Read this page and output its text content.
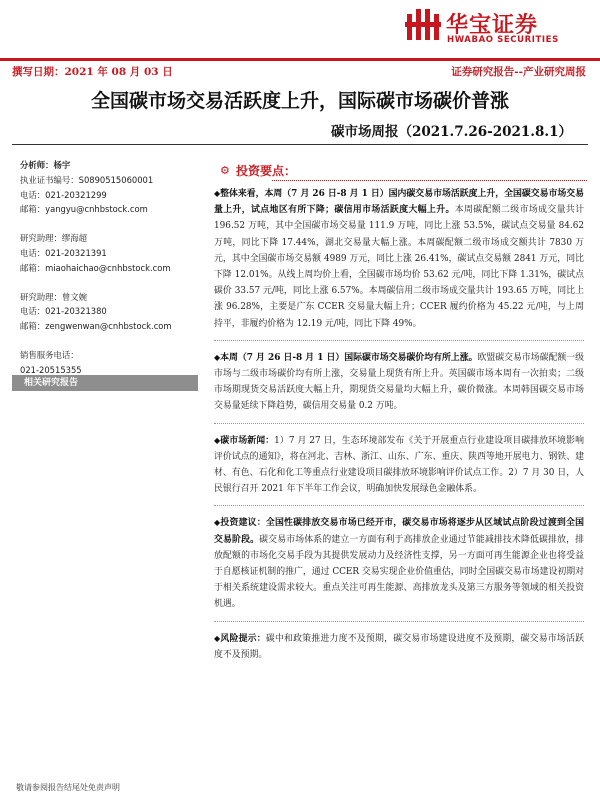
华宝证券
HWABAO SECURITIES
撰写日期：2021 年 08 月 03 日	证券研究报告--产业研究周报
全国碳市场交易活跃度上升，国际碳市场碳价普涨
碳市场周报（2021.7.26-2021.8.1）
分析师：杨宇
执业证书编号：S0890515060001
电话：021-20321299
邮箱：yangyu@cnhbstock.com
研究助理：缪海超
电话：021-20321391
邮箱：miaohaichao@cnhbstock.com
研究助理：曾文婉
电话：021-20321380
邮箱：zengwenwan@cnhbstock.com
销售服务电话：
021-20515355
相关研究报告
⚙ 投资要点：
◆整体来看，本周（7 月 26 日-8 月 1 日）国内碳交易市场活跃度上升，全国碳交易市场交易量上升，试点地区有所下降；碳信用市场活跃度大幅上升。本周碳配额二级市场成交量共计 196.52 万吨，其中全国碳市场交易量 111.9 万吨，同比上涨 53.5%，碳试点交易量 84.62 万吨，同比下降 17.44%，湖北交易量大幅上涨。本周碳配额二级市场成交额共计 7830 万元，其中全国碳市场交易额 4989 万元，同比上涨 26.41%，碳试点交易额 2841 万元，同比下降 12.01%。从线上周均价上看，全国碳市场均价 53.62 元/吨，同比下降 1.31%，碳试点碳价 33.57 元/吨，同比上涨 6.57%。本周碳信用二级市场成交量共计 193.65 万吨，同比上涨 96.28%，主要是广东 CCER 交易量大幅上升；CCER 履约价格为 45.22 元/吨，与上周持平，非履约价格为 12.19 元/吨，同比下降 49%。
◆本周（7 月 26 日-8 月 1 日）国际碳市场交易碳价均有所上涨。欧盟碳交易市场碳配额一级市场与二级市场碳价均有所上涨，交易量上现货有所上升。英国碳市场本周有一次拍卖；二级市场期现货交易活跃度大幅上升，期现货交易量均大幅上升，碳价微涨。本周韩国碳交易市场交易量延续下降趋势，碳信用交易量 0.2 万吨。
◆碳市场新闻：1）7 月 27 日，生态环境部发布《关于开展重点行业建设项目碳排放环境影响评价试点的通知》，将在河北、吉林、浙江、山东、广东、重庆、陕西等地开展电力、钢铁、建材、有色、石化和化工等重点行业建设项目碳排放环境影响评价试点工作。2）7 月 30 日，人民银行召开 2021 年下半年工作会议，明确加快发展绿色金融体系。
◆投资建议：全国性碳排放交易市场已经开市，碳交易市场将逐步从区域试点阶段过渡到全国交易阶段。碳交易市场体系的建立一方面有利于高排放企业通过节能减排技术降低碳排放，排放配额的市场化交易手段为其提供发展动力及经济性支撑，另一方面可再生能源企业也将受益于自愿核证机制的推广，通过 CCER 交易实现企业价值重估，同时全国碳交易市场建设初期对于相关系统建设需求较大。重点关注可再生能源、高排放龙头及第三方服务等领域的相关投资机遇。
◆风险提示：碳中和政策推进力度不及预期，碳交易市场建设进度不及预期，碳交易市场活跃度不及预期。
敬请参阅报告结尾处免责声明
